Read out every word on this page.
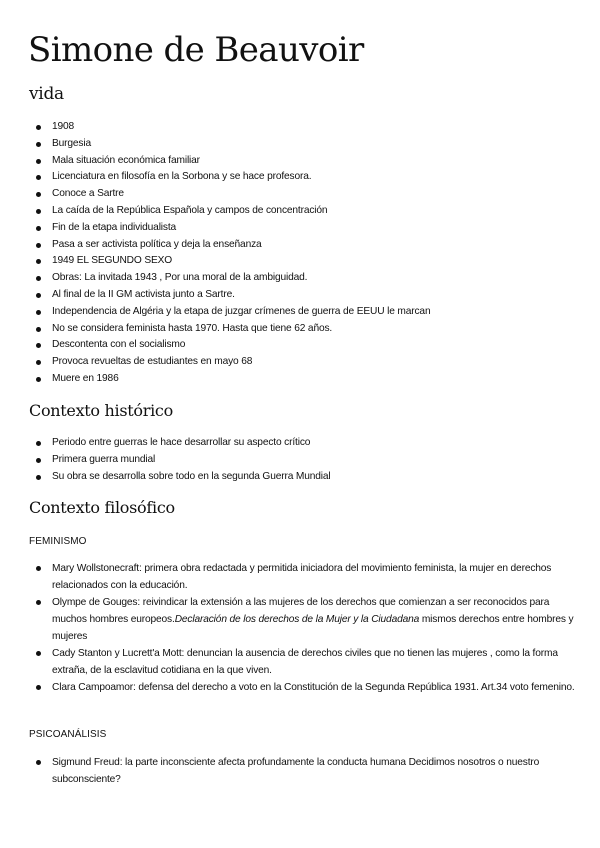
Simone de Beauvoir
vida
1908
Burgesia
Mala situación económica familiar
Licenciatura en filosofía en la Sorbona y se hace profesora.
Conoce a Sartre
La caída de la República Española y campos de concentración
Fin de la etapa individualista
Pasa a ser activista política y deja la enseñanza
1949 EL SEGUNDO SEXO
Obras: La invitada 1943 , Por una moral de la ambiguidad.
Al final de la II GM activista junto a Sartre.
Independencia de Algéria y la etapa de juzgar crímenes de guerra de EEUU le marcan
No se considera feminista hasta 1970. Hasta que tiene 62 años.
Descontenta con el socialismo
Provoca revueltas de estudiantes en mayo 68
Muere en 1986
Contexto histórico
Periodo entre guerras le hace desarrollar su aspecto crítico
Primera guerra mundial
Su obra se desarrolla sobre todo en la segunda Guerra Mundial
Contexto filosófico
FEMINISMO
Mary Wollstonecraft: primera obra redactada y permitida iniciadora del movimiento feminista, la mujer en derechos relacionados con la educación.
Olympe de Gouges: reivindicar la extensión a las mujeres de los derechos que comienzan a ser reconocidos para muchos hombres europeos.Declaración de los derechos de la Mujer y la Ciudadana mismos derechos entre hombres y mujeres
Cady Stanton y Lucrett'a Mott: denuncian la ausencia de derechos civiles que no tienen las mujeres , como la forma extraña, de la esclavitud cotidiana en la que viven.
Clara Campoamor: defensa del derecho a voto en la Constitución de la Segunda República 1931. Art.34 voto femenino.
PSICOANÁLISIS
Sigmund Freud: la parte inconsciente afecta profundamente la conducta humana Decidimos nosotros o nuestro subconsciente?
